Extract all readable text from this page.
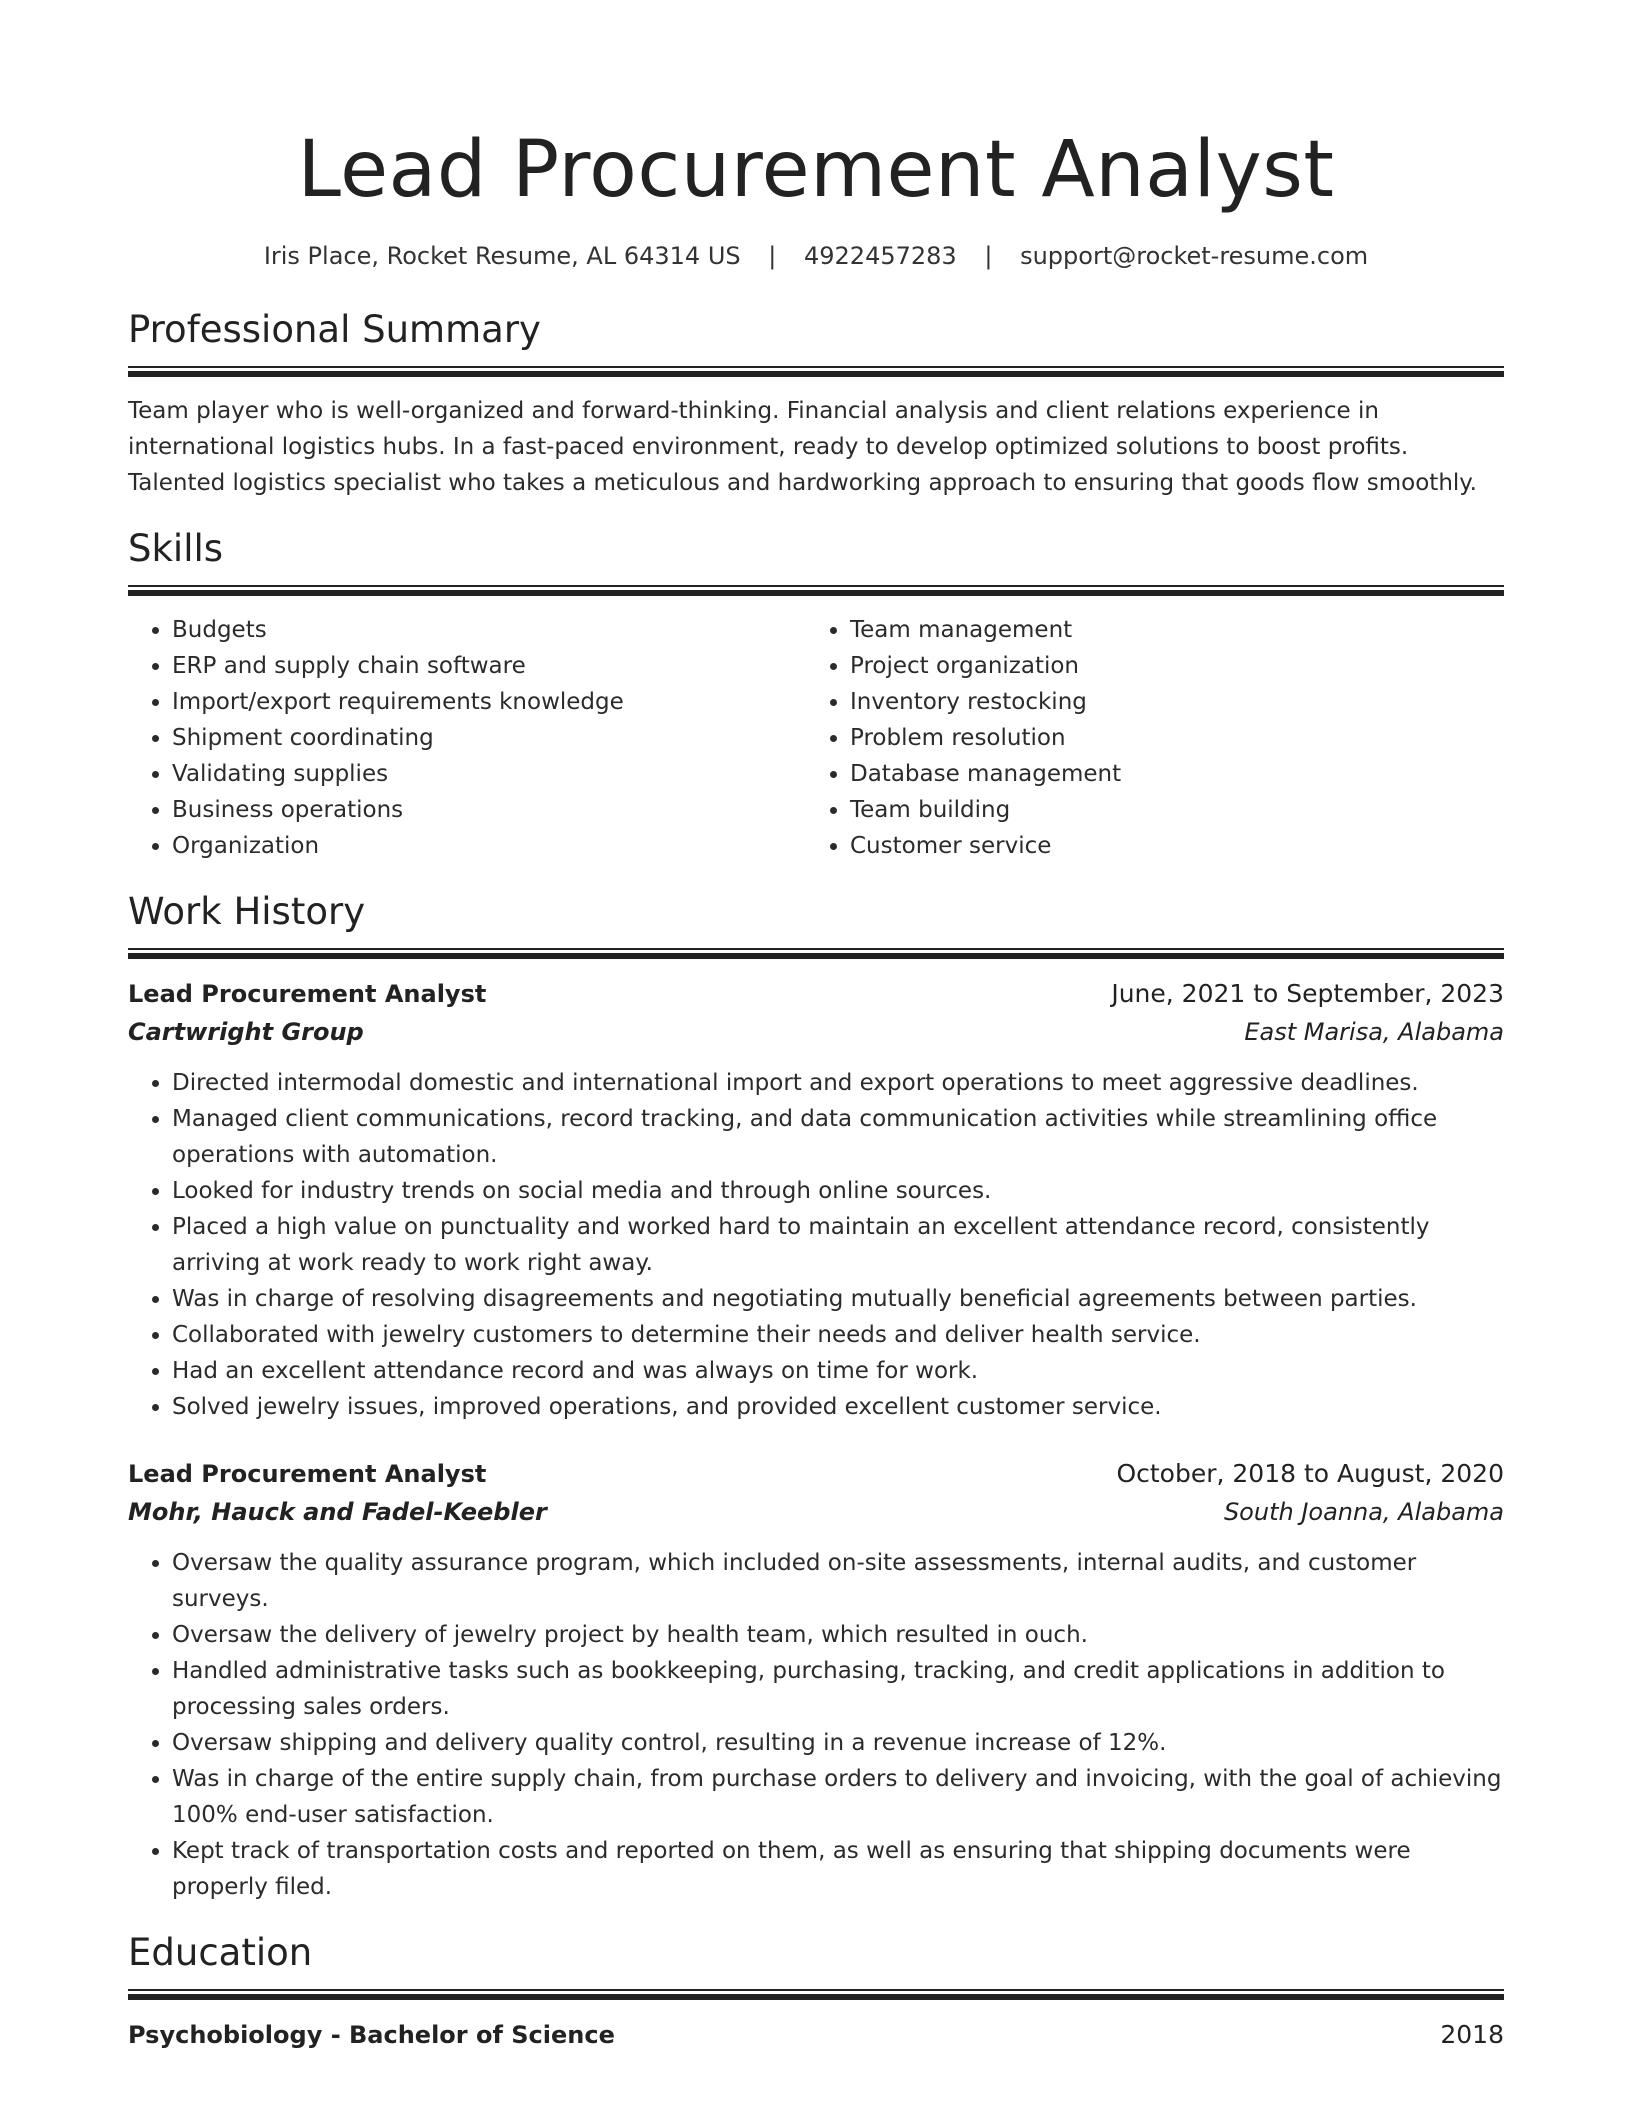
Lead Procurement Analyst
Iris Place, Rocket Resume, AL 64314 US | 4922457283 | support@rocket-resume.com
Professional Summary
Team player who is well-organized and forward-thinking. Financial analysis and client relations experience in international logistics hubs. In a fast-paced environment, ready to develop optimized solutions to boost profits. Talented logistics specialist who takes a meticulous and hardworking approach to ensuring that goods flow smoothly.
Skills
• Budgets
• ERP and supply chain software
• Import/export requirements knowledge
• Shipment coordinating
• Validating supplies
• Business operations
• Organization
• Team management
• Project organization
• Inventory restocking
• Problem resolution
• Database management
• Team building
• Customer service
Work History
Lead Procurement Analyst	June, 2021 to September, 2023
Cartwright Group	East Marisa, Alabama
• Directed intermodal domestic and international import and export operations to meet aggressive deadlines.
• Managed client communications, record tracking, and data communication activities while streamlining office operations with automation.
• Looked for industry trends on social media and through online sources.
• Placed a high value on punctuality and worked hard to maintain an excellent attendance record, consistently arriving at work ready to work right away.
• Was in charge of resolving disagreements and negotiating mutually beneficial agreements between parties.
• Collaborated with jewelry customers to determine their needs and deliver health service.
• Had an excellent attendance record and was always on time for work.
• Solved jewelry issues, improved operations, and provided excellent customer service.
Lead Procurement Analyst	October, 2018 to August, 2020
Mohr, Hauck and Fadel-Keebler	South Joanna, Alabama
• Oversaw the quality assurance program, which included on-site assessments, internal audits, and customer surveys.
• Oversaw the delivery of jewelry project by health team, which resulted in ouch.
• Handled administrative tasks such as bookkeeping, purchasing, tracking, and credit applications in addition to processing sales orders.
• Oversaw shipping and delivery quality control, resulting in a revenue increase of 12%.
• Was in charge of the entire supply chain, from purchase orders to delivery and invoicing, with the goal of achieving 100% end-user satisfaction.
• Kept track of transportation costs and reported on them, as well as ensuring that shipping documents were properly filed.
Education
Psychobiology - Bachelor of Science	2018
